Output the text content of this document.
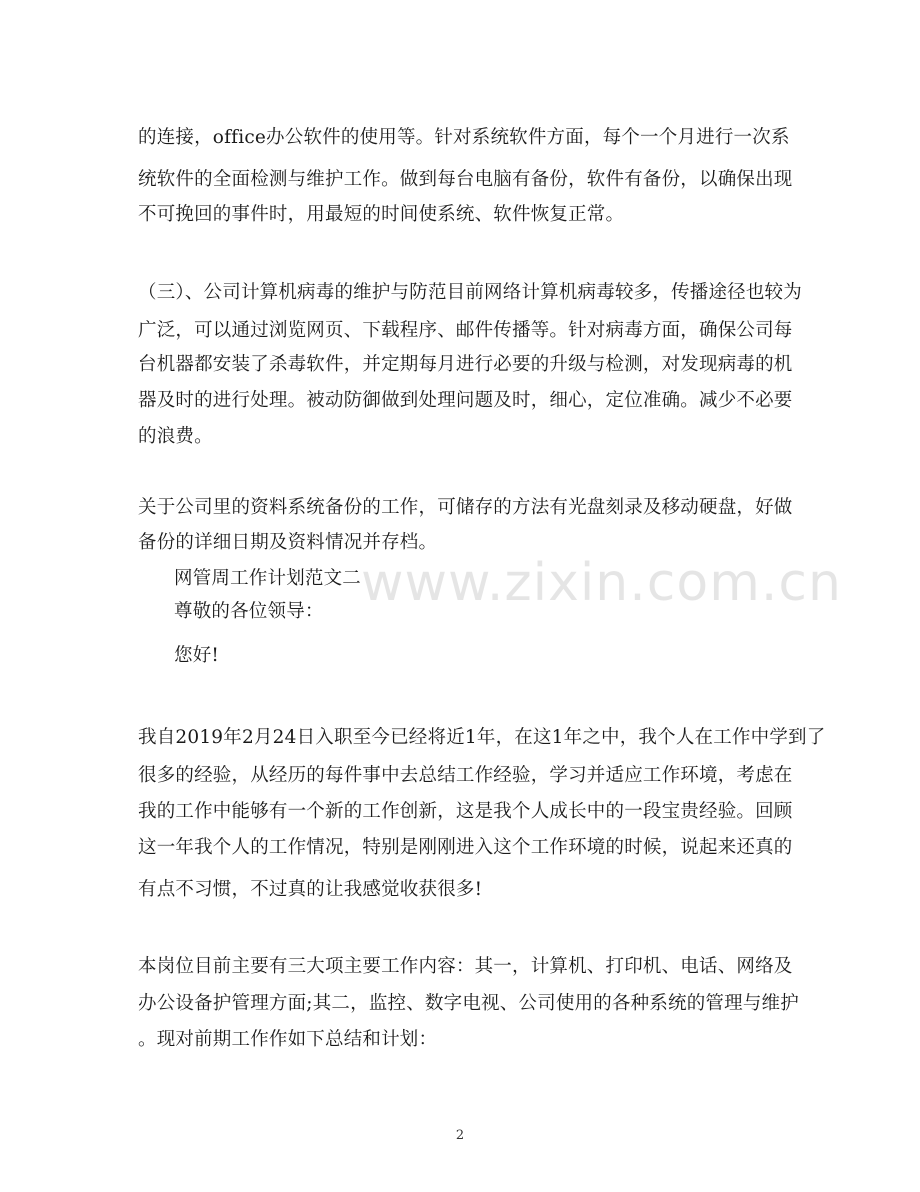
的连接，office办公软件的使用等。针对系统软件方面，每个一个月进行一次系
统软件的全面检测与维护工作。做到每台电脑有备份，软件有备份，以确保出现
不可挽回的事件时，用最短的时间使系统、软件恢复正常。
（三）、公司计算机病毒的维护与防范目前网络计算机病毒较多，传播途径也较为
广泛，可以通过浏览网页、下载程序、邮件传播等。针对病毒方面，确保公司每
台机器都安装了杀毒软件，并定期每月进行必要的升级与检测，对发现病毒的机
器及时的进行处理。被动防御做到处理问题及时，细心，定位准确。减少不必要
的浪费。
关于公司里的资料系统备份的工作，可储存的方法有光盘刻录及移动硬盘，好做
备份的详细日期及资料情况并存档。
网管周工作计划范文二
尊敬的各位领导：
您好!
我自2019年2月24日入职至今已经将近1年，在这1年之中，我个人在工作中学到了
很多的经验，从经历的每件事中去总结工作经验，学习并适应工作环境，考虑在
我的工作中能够有一个新的工作创新，这是我个人成长中的一段宝贵经验。回顾
这一年我个人的工作情况，特别是刚刚进入这个工作环境的时候，说起来还真的
有点不习惯，不过真的让我感觉收获很多!
本岗位目前主要有三大项主要工作内容：其一，计算机、打印机、电话、网络及
办公设备护管理方面;其二，监控、数字电视、公司使用的各种系统的管理与维护
。现对前期工作作如下总结和计划：
www.zixin.com.cn
2
